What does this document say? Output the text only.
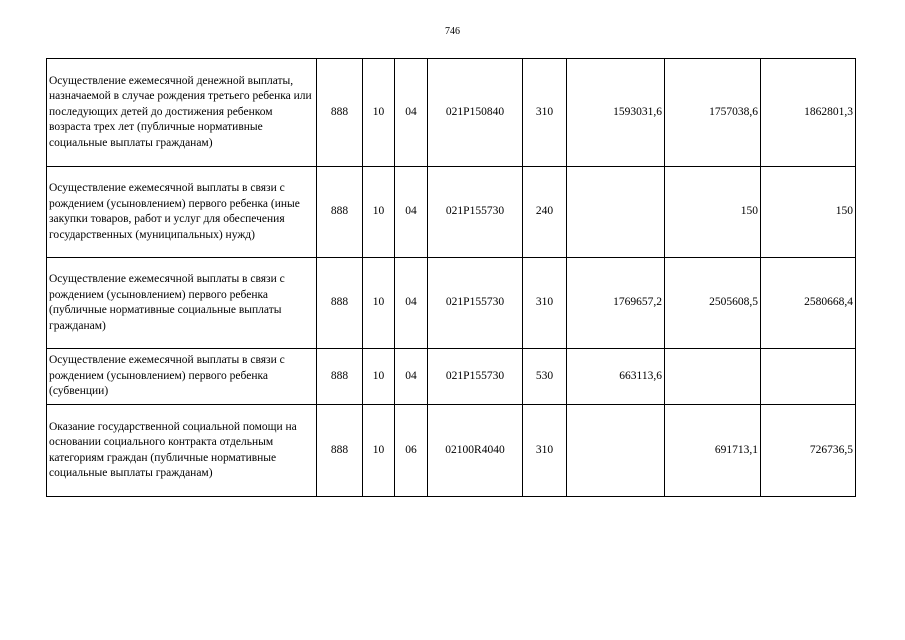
746
Осуществление ежемесячной денежной выплаты, назначаемой в случае рождения третьего ребенка или последующих детей до достижения ребенком возраста трех лет (публичные нормативные социальные выплаты гражданам)	888	10	04	021P150840	310	1593031,6	1757038,6	1862801,3
Осуществление ежемесячной выплаты в связи с рождением (усыновлением) первого ребенка (иные закупки товаров, работ и услуг для обеспечения государственных (муниципальных) нужд)	888	10	04	021P155730	240		150	150
Осуществление ежемесячной выплаты в связи с рождением (усыновлением) первого ребенка (публичные нормативные социальные выплаты гражданам)	888	10	04	021P155730	310	1769657,2	2505608,5	2580668,4
Осуществление ежемесячной выплаты в связи с рождением (усыновлением) первого ребенка (субвенции)	888	10	04	021P155730	530	663113,6		
Оказание государственной социальной помощи на основании социального контракта отдельным категориям граждан (публичные нормативные социальные выплаты гражданам)	888	10	06	02100R4040	310		691713,1	726736,5
